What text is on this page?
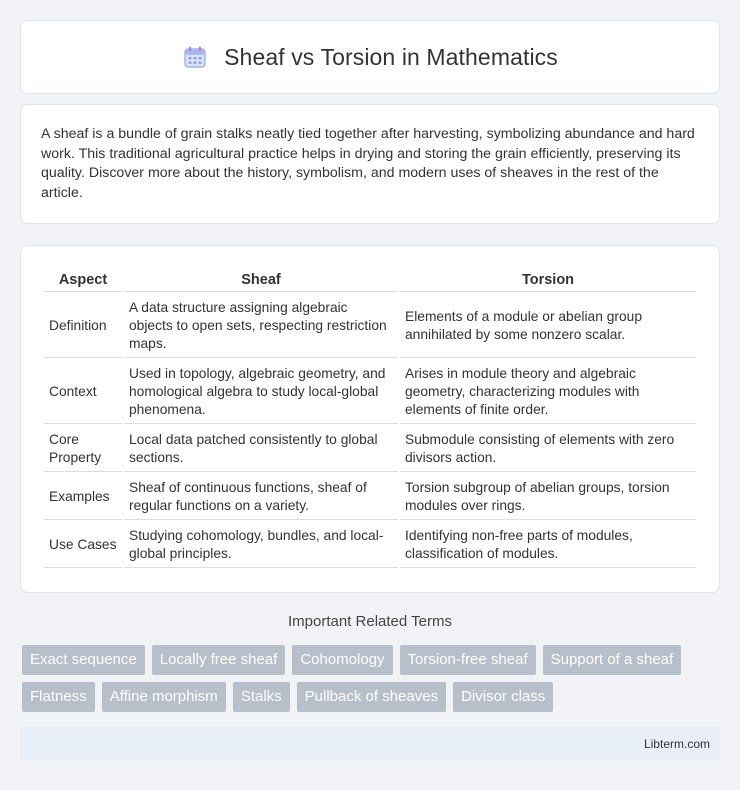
Sheaf vs Torsion in Mathematics

A sheaf is a bundle of grain stalks neatly tied together after harvesting, symbolizing abundance and hard work. This traditional agricultural practice helps in drying and storing the grain efficiently, preserving its quality. Discover more about the history, symbolism, and modern uses of sheaves in the rest of the article.

Aspect	Sheaf	Torsion
Definition	A data structure assigning algebraic objects to open sets, respecting restriction maps.	Elements of a module or abelian group annihilated by some nonzero scalar.
Context	Used in topology, algebraic geometry, and homological algebra to study local-global phenomena.	Arises in module theory and algebraic geometry, characterizing modules with elements of finite order.
Core Property	Local data patched consistently to global sections.	Submodule consisting of elements with zero divisors action.
Examples	Sheaf of continuous functions, sheaf of regular functions on a variety.	Torsion subgroup of abelian groups, torsion modules over rings.
Use Cases	Studying cohomology, bundles, and local-global principles.	Identifying non-free parts of modules, classification of modules.
Important Related Terms
Exact sequence	Locally free sheaf	Cohomology	Torsion-free sheaf	Support of a sheaf
Flatness	Affine morphism	Stalks	Pullback of sheaves	Divisor class
Libterm.com
